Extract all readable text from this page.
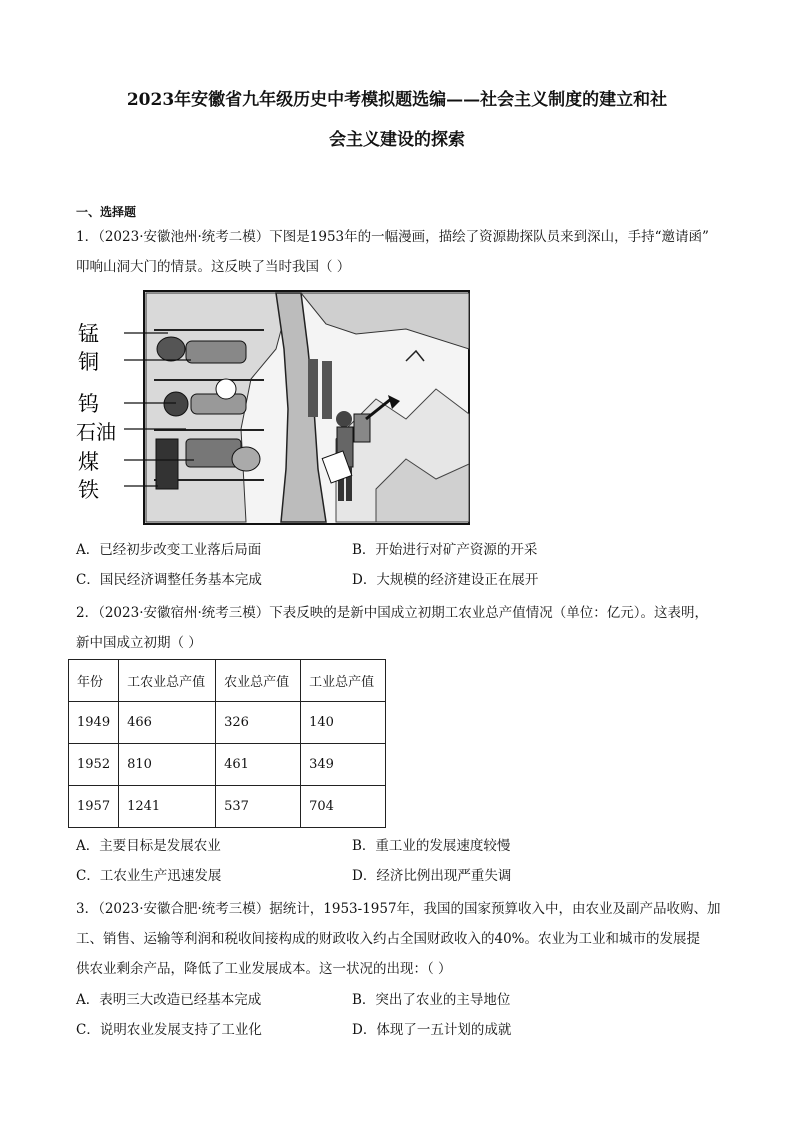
2023年安徽省九年级历史中考模拟题选编——社会主义制度的建立和社
会主义建设的探索
一、选择题
1．（2023·安徽池州·统考二模）下图是1953年的一幅漫画，描绘了资源勘探队员来到深山，手持“邀请函”
叩响山洞大门的情景。这反映了当时我国（ ）
锰
铜
钨
石油
煤
铁
A．已经初步改变工业落后局面	B．开始进行对矿产资源的开采
C．国民经济调整任务基本完成	D．大规模的经济建设正在展开
2．（2023·安徽宿州·统考三模）下表反映的是新中国成立初期工农业总产值情况（单位：亿元）。这表明，
新中国成立初期（ ）
年份	工农业总产值	农业总产值	工业总产值
1949	466	326	140
1952	810	461	349
1957	1241	537	704
A．主要目标是发展农业	B．重工业的发展速度较慢
C．工农业生产迅速发展	D．经济比例出现严重失调
3．（2023·安徽合肥·统考三模）据统计，1953-1957年，我国的国家预算收入中，由农业及副产品收购、加
工、销售、运输等利润和税收间接构成的财政收入约占全国财政收入的40%。农业为工业和城市的发展提
供农业剩余产品，降低了工业发展成本。这一状况的出现：（ ）
A．表明三大改造已经基本完成	B．突出了农业的主导地位
C．说明农业发展支持了工业化	D．体现了一五计划的成就
